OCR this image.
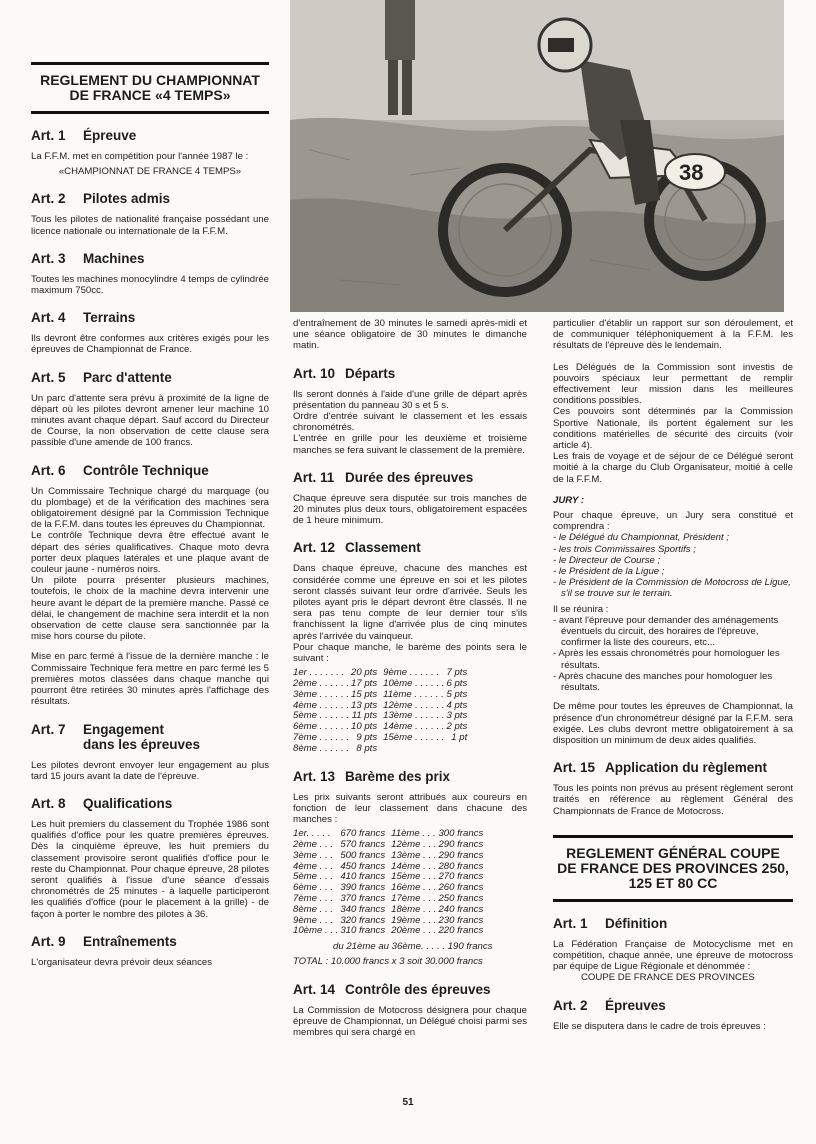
38
REGLEMENT DU CHAMPIONNAT DE FRANCE «4 TEMPS»
Art. 1 Épreuve

La F.F.M. met en compétition pour l'année 1987 le :

«CHAMPIONNAT DE FRANCE 4 TEMPS»

Art. 2 Pilotes admis

Tous les pilotes de nationalité française possédant une licence nationale ou internationale de la F.F.M.

Art. 3 Machines

Toutes les machines monocylindre 4 temps de cylindrée maximum 750cc.

Art. 4 Terrains

Ils devront être conformes aux critères exigés pour les épreuves de Championnat de France.

Art. 5 Parc d'attente

Un parc d'attente sera prévu à proximité de la ligne de départ où les pilotes devront amener leur machine 10 minutes avant chaque départ. Sauf accord du Directeur de Course, la non observation de cette clause sera passible d'une amende de 100 francs.

Art. 6 Contrôle Technique

Un Commissaire Technique chargé du marquage (ou du plombage) et de la vérification des machines sera obligatoirement désigné par la Commission Technique de la F.F.M. dans toutes les épreuves du Championnat.

Le contrôle Technique devra être effectué avant le départ des séries qualificatives. Chaque moto devra porter deux plaques latérales et une plaque avant de couleur jaune - numéros noirs.

Un pilote pourra présenter plusieurs machines, toutefois, le choix de la machine devra intervenir une heure avant le départ de la première manche. Passé ce délai, le changement de machine sera interdit et la non observation de cette clause sera sanctionnée par la mise hors course du pilote.

Mise en parc fermé à l'issue de la dernière manche : le Commissaire Technique fera mettre en parc fermé les 5 premières motos classées dans chaque manche qui pourront être retirées 30 minutes après l'affichage des résultats.

Art. 7	Engagement
dans les épreuves

Les pilotes devront envoyer leur engagement au plus tard 15 jours avant la date de l'épreuve.

Art. 8 Qualifications

Les huit premiers du classement du Trophée 1986 sont qualifiés d'office pour les quatre premières épreuves. Dès la cinquième épreuve, les huit premiers du classement provisoire seront qualifiés d'office pour le reste du Championnat. Pour chaque épreuve, 28 pilotes seront qualifiés à l'issue d'une séance d'essais chronométrés de 25 minutes - à laquelle participeront les qualifiés d'office (pour le placement à la grille) - de façon à porter le nombre des pilotes à 36.

Art. 9 Entraînements

L'organisateur devra prévoir deux séances

d'entraînement de 30 minutes le samedi après-midi et une séance obligatoire de 30 minutes le dimanche matin.

Art. 10 Départs

Ils seront donnés à l'aide d'une grille de départ après présentation du panneau 30 s et 5 s.

Ordre d'entrée suivant le classement et les essais chronométrés.

L'entrée en grille pour les deuxième et troisième manches se fera suivant le classement de la première.

Art. 11 Durée des épreuves

Chaque épreuve sera disputée sur trois manches de 20 minutes plus deux tours, obligatoirement espacées de 1 heure minimum.

Art. 12 Classement

Dans chaque épreuve, chacune des manches est considérée comme une épreuve en soi et les pilotes seront classés suivant leur ordre d'arrivée. Seuls les pilotes ayant pris le départ devront être classés. Il ne sera pas tenu compte de leur dernier tour s'ils franchissent la ligne d'arrivée plus de cinq minutes après l'arrivée du vainqueur.

Pour chaque manche, le barème des points sera le suivant :

1er . . . . . . .	20 pts	9ème . . . . . .	7 pts
2ème . . . . . .	17 pts	10ème . . . . . .	6 pts
3ème . . . . . .	15 pts	11ème . . . . . .	5 pts
4ème . . . . . .	13 pts	12ème . . . . . .	4 pts
5ème . . . . . .	11 pts	13ème . . . . . .	3 pts
6ème . . . . . .	10 pts	14ème . . . . . .	2 pts
7ème . . . . . .	9 pts	15ème . . . . . .	1 pt
8ème . . . . . .	8 pts		
Art. 13 Barème des prix

Les prix suivants seront attribués aux coureurs en fonction de leur classement dans chacune des manches :

1er. . . . .	670 francs	11ème . . .	300 francs
2ème . . .	570 francs	12ème . . .	290 francs
3ème . . .	500 francs	13ème . . .	290 francs
4ème . . .	450 francs	14ème . . .	280 francs
5ème . . .	410 francs	15ème . . .	270 francs
6ème . . .	390 francs	16ème . . .	260 francs
7ème . . .	370 francs	17ème . . .	250 francs
8ème . . .	340 francs	18ème . . .	240 francs
9ème . . .	320 francs	19ème . . .	230 francs
10ème . . .	310 francs	20ème . . .	220 francs

du 21ème au 36ème. . . . . 190 francs

TOTAL : 10.000 francs x 3 soit 30.000 francs

Art. 14 Contrôle des épreuves

La Commission de Motocross désignera pour chaque épreuve de Championnat, un Délégué choisi parmi ses membres qui sera chargé en

particulier d'établir un rapport sur son déroulement, et de communiquer téléphoniquement à la F.F.M. les résultats de l'épreuve dès le lendemain.

Les Délégués de la Commission sont investis de pouvoirs spéciaux leur permettant de remplir effectivement leur mission dans les meilleures conditions possibles.

Ces pouvoirs sont déterminés par la Commission Sportive Nationale, ils portent également sur les conditions matérielles de sécurité des circuits (voir article 4).

Les frais de voyage et de séjour de ce Délégué seront moitié à la charge du Club Organisateur, moitié à celle de la F.F.M.

JURY :

Pour chaque épreuve, un Jury sera constitué et comprendra :

- le Délégué du Championnat, Président ;
- les trois Commissaires Sportifs ;
- le Directeur de Course ;
- le Président de la Ligue ;
- le Président de la Commission de Motocross de Ligue, s'il se trouve sur le terrain.

Il se réunira :

- avant l'épreuve pour demander des aménagements éventuels du circuit, des horaires de l'épreuve, confirmer la liste des coureurs, etc...
- Après les essais chronométrés pour homologuer les résultats.
- Après chacune des manches pour homologuer les résultats.

De même pour toutes les épreuves de Championnat, la présence d'un chronométreur désigné par la F.F.M. sera exigée. Les clubs devront mettre obligatoirement à sa disposition un minimum de deux aides qualifiés.

Art. 15 Application du règlement

Tous les points non prévus au présent règlement seront traités en référence au règlement Général des Championnats de France de Motocross.

REGLEMENT GÉNÉRAL COUPE DE FRANCE DES PROVINCES 250, 125 ET 80 CC
Art. 1 Définition

La Fédération Française de Motocyclisme met en compétition, chaque année, une épreuve de motocross par équipe de Ligue Régionale et dénommée :

COUPE DE FRANCE DES PROVINCES

Art. 2 Épreuves

Elle se disputera dans le cadre de trois épreuves :

51
